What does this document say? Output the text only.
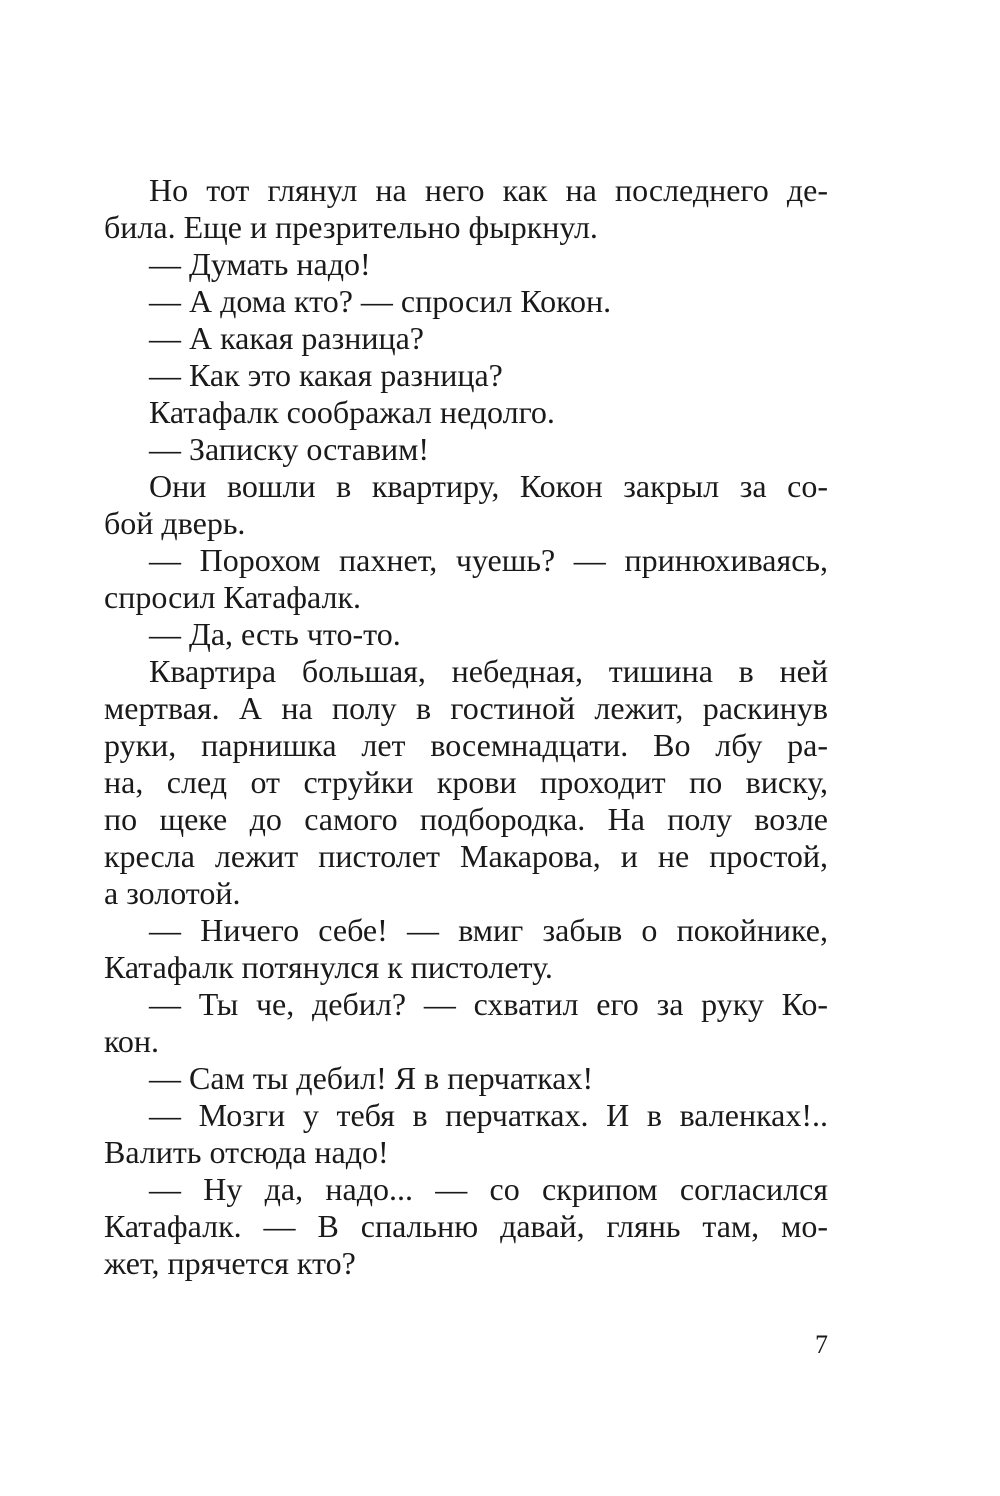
Но тот глянул на него как на последнего де-
била. Еще и презрительно фыркнул.
— Думать надо!
— А дома кто? — спросил Кокон.
— А какая разница?
— Как это какая разница?
Катафалк соображал недолго.
— Записку оставим!
Они вошли в квартиру, Кокон закрыл за со-
бой дверь.
— Порохом пахнет, чуешь? — принюхиваясь,
спросил Катафалк.
— Да, есть что-то.
Квартира большая, небедная, тишина в ней
мертвая. А на полу в гостиной лежит, раскинув
руки, парнишка лет восемнадцати. Во лбу ра-
на, след от струйки крови проходит по виску,
по щеке до самого подбородка. На полу возле
кресла лежит пистолет Макарова, и не простой,
а золотой.
— Ничего себе! — вмиг забыв о покойнике,
Катафалк потянулся к пистолету.
— Ты че, дебил? — схватил его за руку Ко-
кон.
— Сам ты дебил! Я в перчатках!
— Мозги у тебя в перчатках. И в валенках!..
Валить отсюда надо!
— Ну да, надо... — со скрипом согласился
Катафалк. — В спальню давай, глянь там, мо-
жет, прячется кто?
7
